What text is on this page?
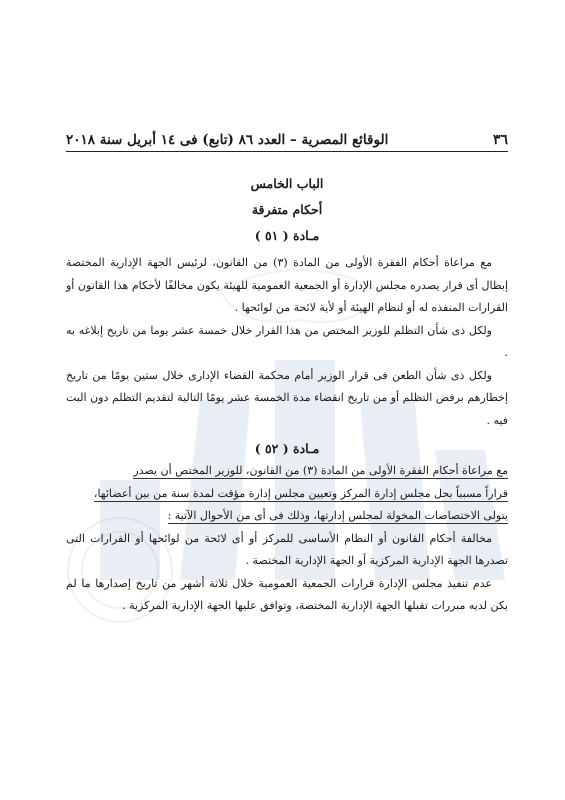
٣٦
الوقائع المصرية – العدد ٨٦ (تابع) فى ١٤ أبريل سنة ٢٠١٨
الباب الخامس
أحكام متفرقة
مـادة ( ٥١ )

مع مراعاة أحكام الفقرة الأولى من المادة (٣) من القانون، لرئيس الجهة الإدارية المختصة إبطال أى قرار يصدره مجلس الإدارة أو الجمعية العمومية للهيئة يكون مخالفًا لأحكام هذا القانون أو القرارات المنفذه له أو لنظام الهيئة أو لأية لائحة من لوائحها .

ولكل ذى شأن التظلم للوزير المختص من هذا القرار خلال خمسة عشر يوما من تاريخ إبلاغه به .

ولكل ذى شأن الطعن فى قرار الوزير أمام محكمة القضاء الإدارى خلال ستين يومًا من تاريخ إخطارهم برفض التظلم أو من تاريخ انقضاء مدة الخمسة عشر يومًا التالية لتقديم التظلم دون البت فيه .

مـادة ( ٥٢ )

مع مراعاة أحكام الفقرة الأولى من المادة (٣) من القانون، للوزير المختص أن يصدر

قراراً مسبباً بحل مجلس إدارة المركز وتعيين مجلس إدارة مؤقت لمدة سنة من بين أعضائها،

يتولى الاختصاصات المخولة لمجلس إدارتها، وذلك فى أى من الأحوال الآتية :

مخالفة أحكام القانون أو النظام الأساسى للمركز أو أى لائحة من لوائحها أو القرارات التى تصدرها الجهة الإدارية المركزية أو الجهة الإدارية المختصة .

عدم تنفيذ مجلس الإدارة قرارات الجمعية العمومية خلال ثلاثة أشهر من تاريخ إصدارها ما لم يكن لديه مبررات تقبلها الجهة الإدارية المختصة، وتوافق عليها الجهة الإدارية المركزية .
